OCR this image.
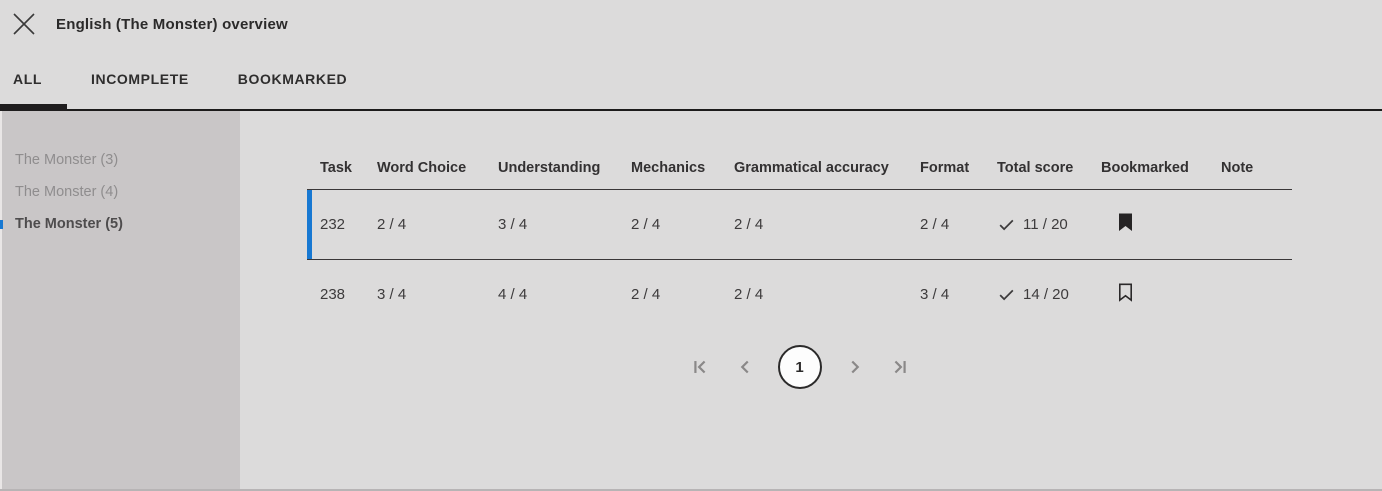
English (The Monster) overview
ALL	INCOMPLETE	BOOKMARKED
The Monster (3)
The Monster (4)
The Monster (5)
Task	Word Choice	Understanding	Mechanics	Grammatical accuracy	Format	Total score	Bookmarked	Note
232	2 / 4	3 / 4	2 / 4	2 / 4	2 / 4	11 / 20

238	3 / 4	4 / 4	2 / 4	2 / 4	3 / 4	14 / 20

1
